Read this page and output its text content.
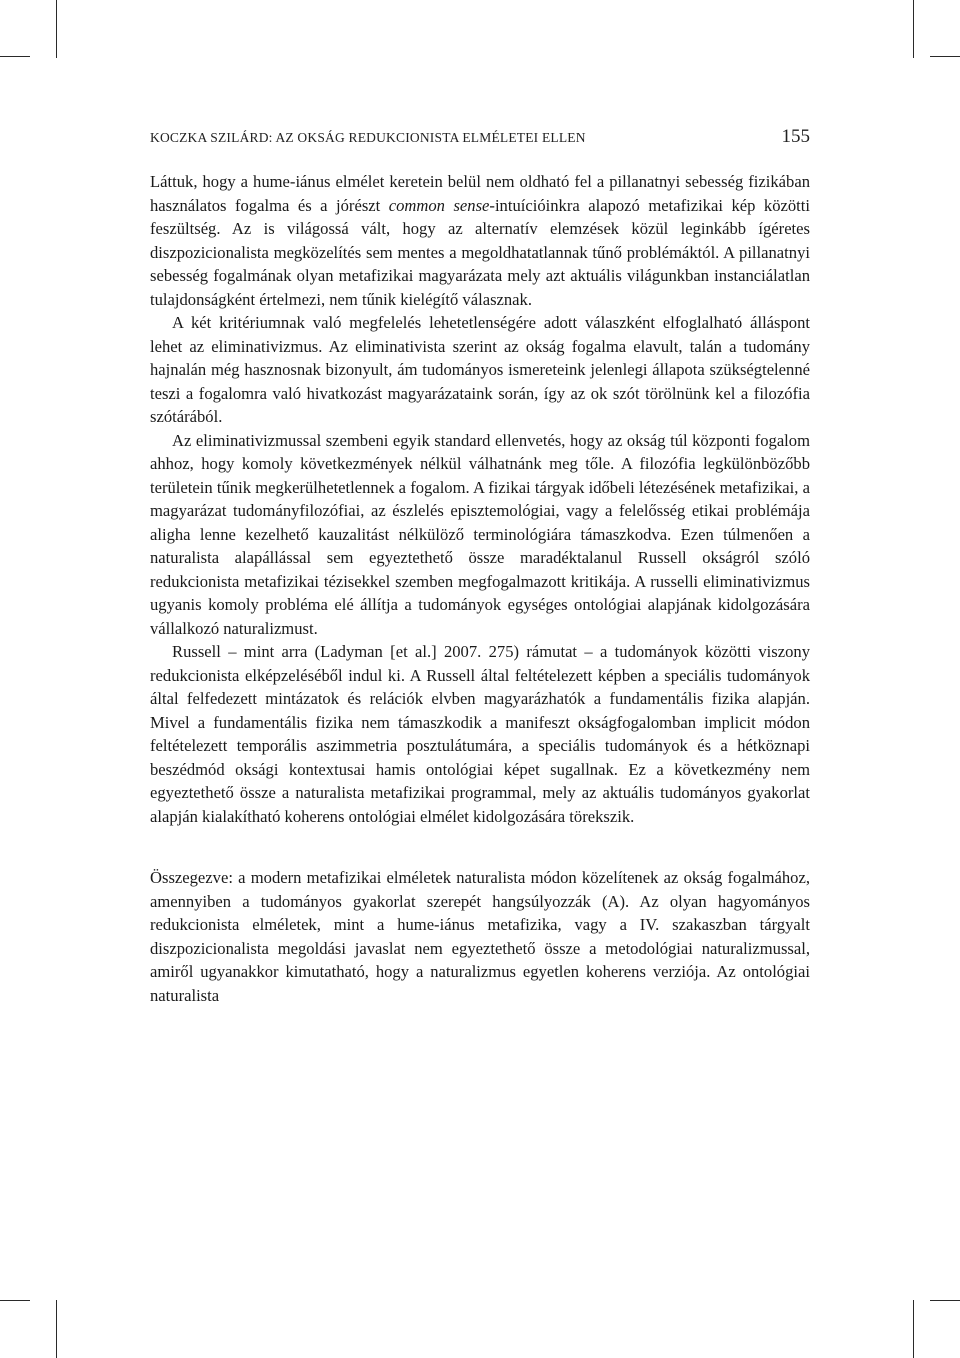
KOCZKA SZILÁRD: AZ OKSÁG REDUKCIONISTA ELMÉLETEI ELLEN	155

Láttuk, hogy a hume-iánus elmélet keretein belül nem oldható fel a pillanatnyi sebesség fizikában használatos fogalma és a jórészt common sense-intuícióinkra alapozó metafizikai kép közötti feszültség. Az is világossá vált, hogy az alternatív elemzések közül leginkább ígéretes diszpozicionalista megközelítés sem mentes a megoldhatatlannak tűnő problémáktól. A pillanatnyi sebesség fogalmának olyan metafizikai magyarázata mely azt aktuális világunkban instanciálatlan tulajdonságként értelmezi, nem tűnik kielégítő válasznak.

A két kritériumnak való megfelelés lehetetlenségére adott válaszként elfoglalható álláspont lehet az eliminativizmus. Az eliminativista szerint az okság fogalma elavult, talán a tudomány hajnalán még hasznosnak bizonyult, ám tudományos ismereteink jelenlegi állapota szükségtelenné teszi a fogalomra való hivatkozást magyarázataink során, így az ok szót törölnünk kel a filozófia szótárából.

Az eliminativizmussal szembeni egyik standard ellenvetés, hogy az okság túl központi fogalom ahhoz, hogy komoly következmények nélkül válhatnánk meg tőle. A filozófia legkülönbözőbb területein tűnik megkerülhetetlennek a fogalom. A fizikai tárgyak időbeli létezésének metafizikai, a magyarázat tudományfilozófiai, az észlelés episztemológiai, vagy a felelősség etikai problémája aligha lenne kezelhető kauzalitást nélkülöző terminológiára támaszkodva. Ezen túlmenően a naturalista alapállással sem egyeztethető össze maradéktalanul Russell okságról szóló redukcionista metafizikai tézisekkel szemben megfogalmazott kritikája. A russelli eliminativizmus ugyanis komoly probléma elé állítja a tudományok egységes ontológiai alapjának kidolgozására vállalkozó naturalizmust.

Russell – mint arra (Ladyman [et al.] 2007. 275) rámutat – a tudományok közötti viszony redukcionista elképzeléséből indul ki. A Russell által feltételezett képben a speciális tudományok által felfedezett mintázatok és relációk elvben magyarázhatók a fundamentális fizika alapján. Mivel a fundamentális fizika nem támaszkodik a manifeszt okságfogalomban implicit módon feltételezett temporális aszimmetria posztulátumára, a speciális tudományok és a hétköznapi beszédmód oksági kontextusai hamis ontológiai képet sugallnak. Ez a következmény nem egyeztethető össze a naturalista metafizikai programmal, mely az aktuális tudományos gyakorlat alapján kialakítható koherens ontológiai elmélet kidolgozására törekszik.

Összegezve: a modern metafizikai elméletek naturalista módon közelítenek az okság fogalmához, amennyiben a tudományos gyakorlat szerepét hangsúlyozzák (A). Az olyan hagyományos redukcionista elméletek, mint a hume-iánus metafizika, vagy a IV. szakaszban tárgyalt diszpozicionalista megoldási javaslat nem egyeztethető össze a metodológiai naturalizmussal, amiről ugyanakkor kimutatható, hogy a naturalizmus egyetlen koherens verziója. Az ontológiai naturalista
